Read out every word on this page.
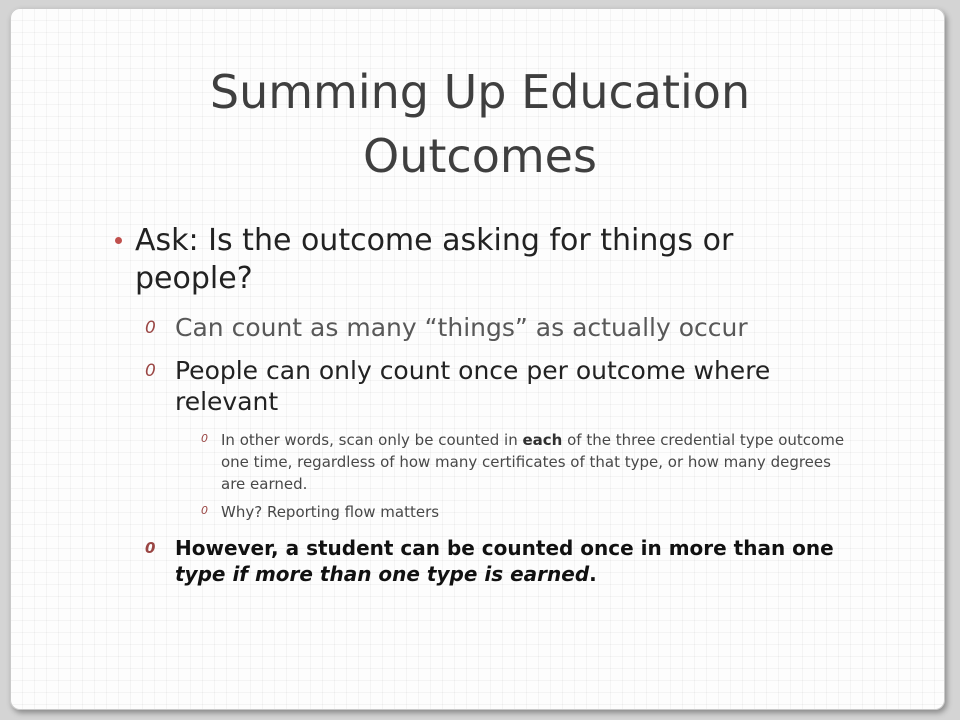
Summing Up Education Outcomes
Ask: Is the outcome asking for things or people?
0 Can count as many “things” as actually occur
0 People can only count once per outcome where relevant
0 In other words, scan only be counted in each of the three credential type outcome one time, regardless of how many certificates of that type, or how many degrees are earned.
0 Why? Reporting flow matters
0 However, a student can be counted once in more than one type if more than one type is earned.
